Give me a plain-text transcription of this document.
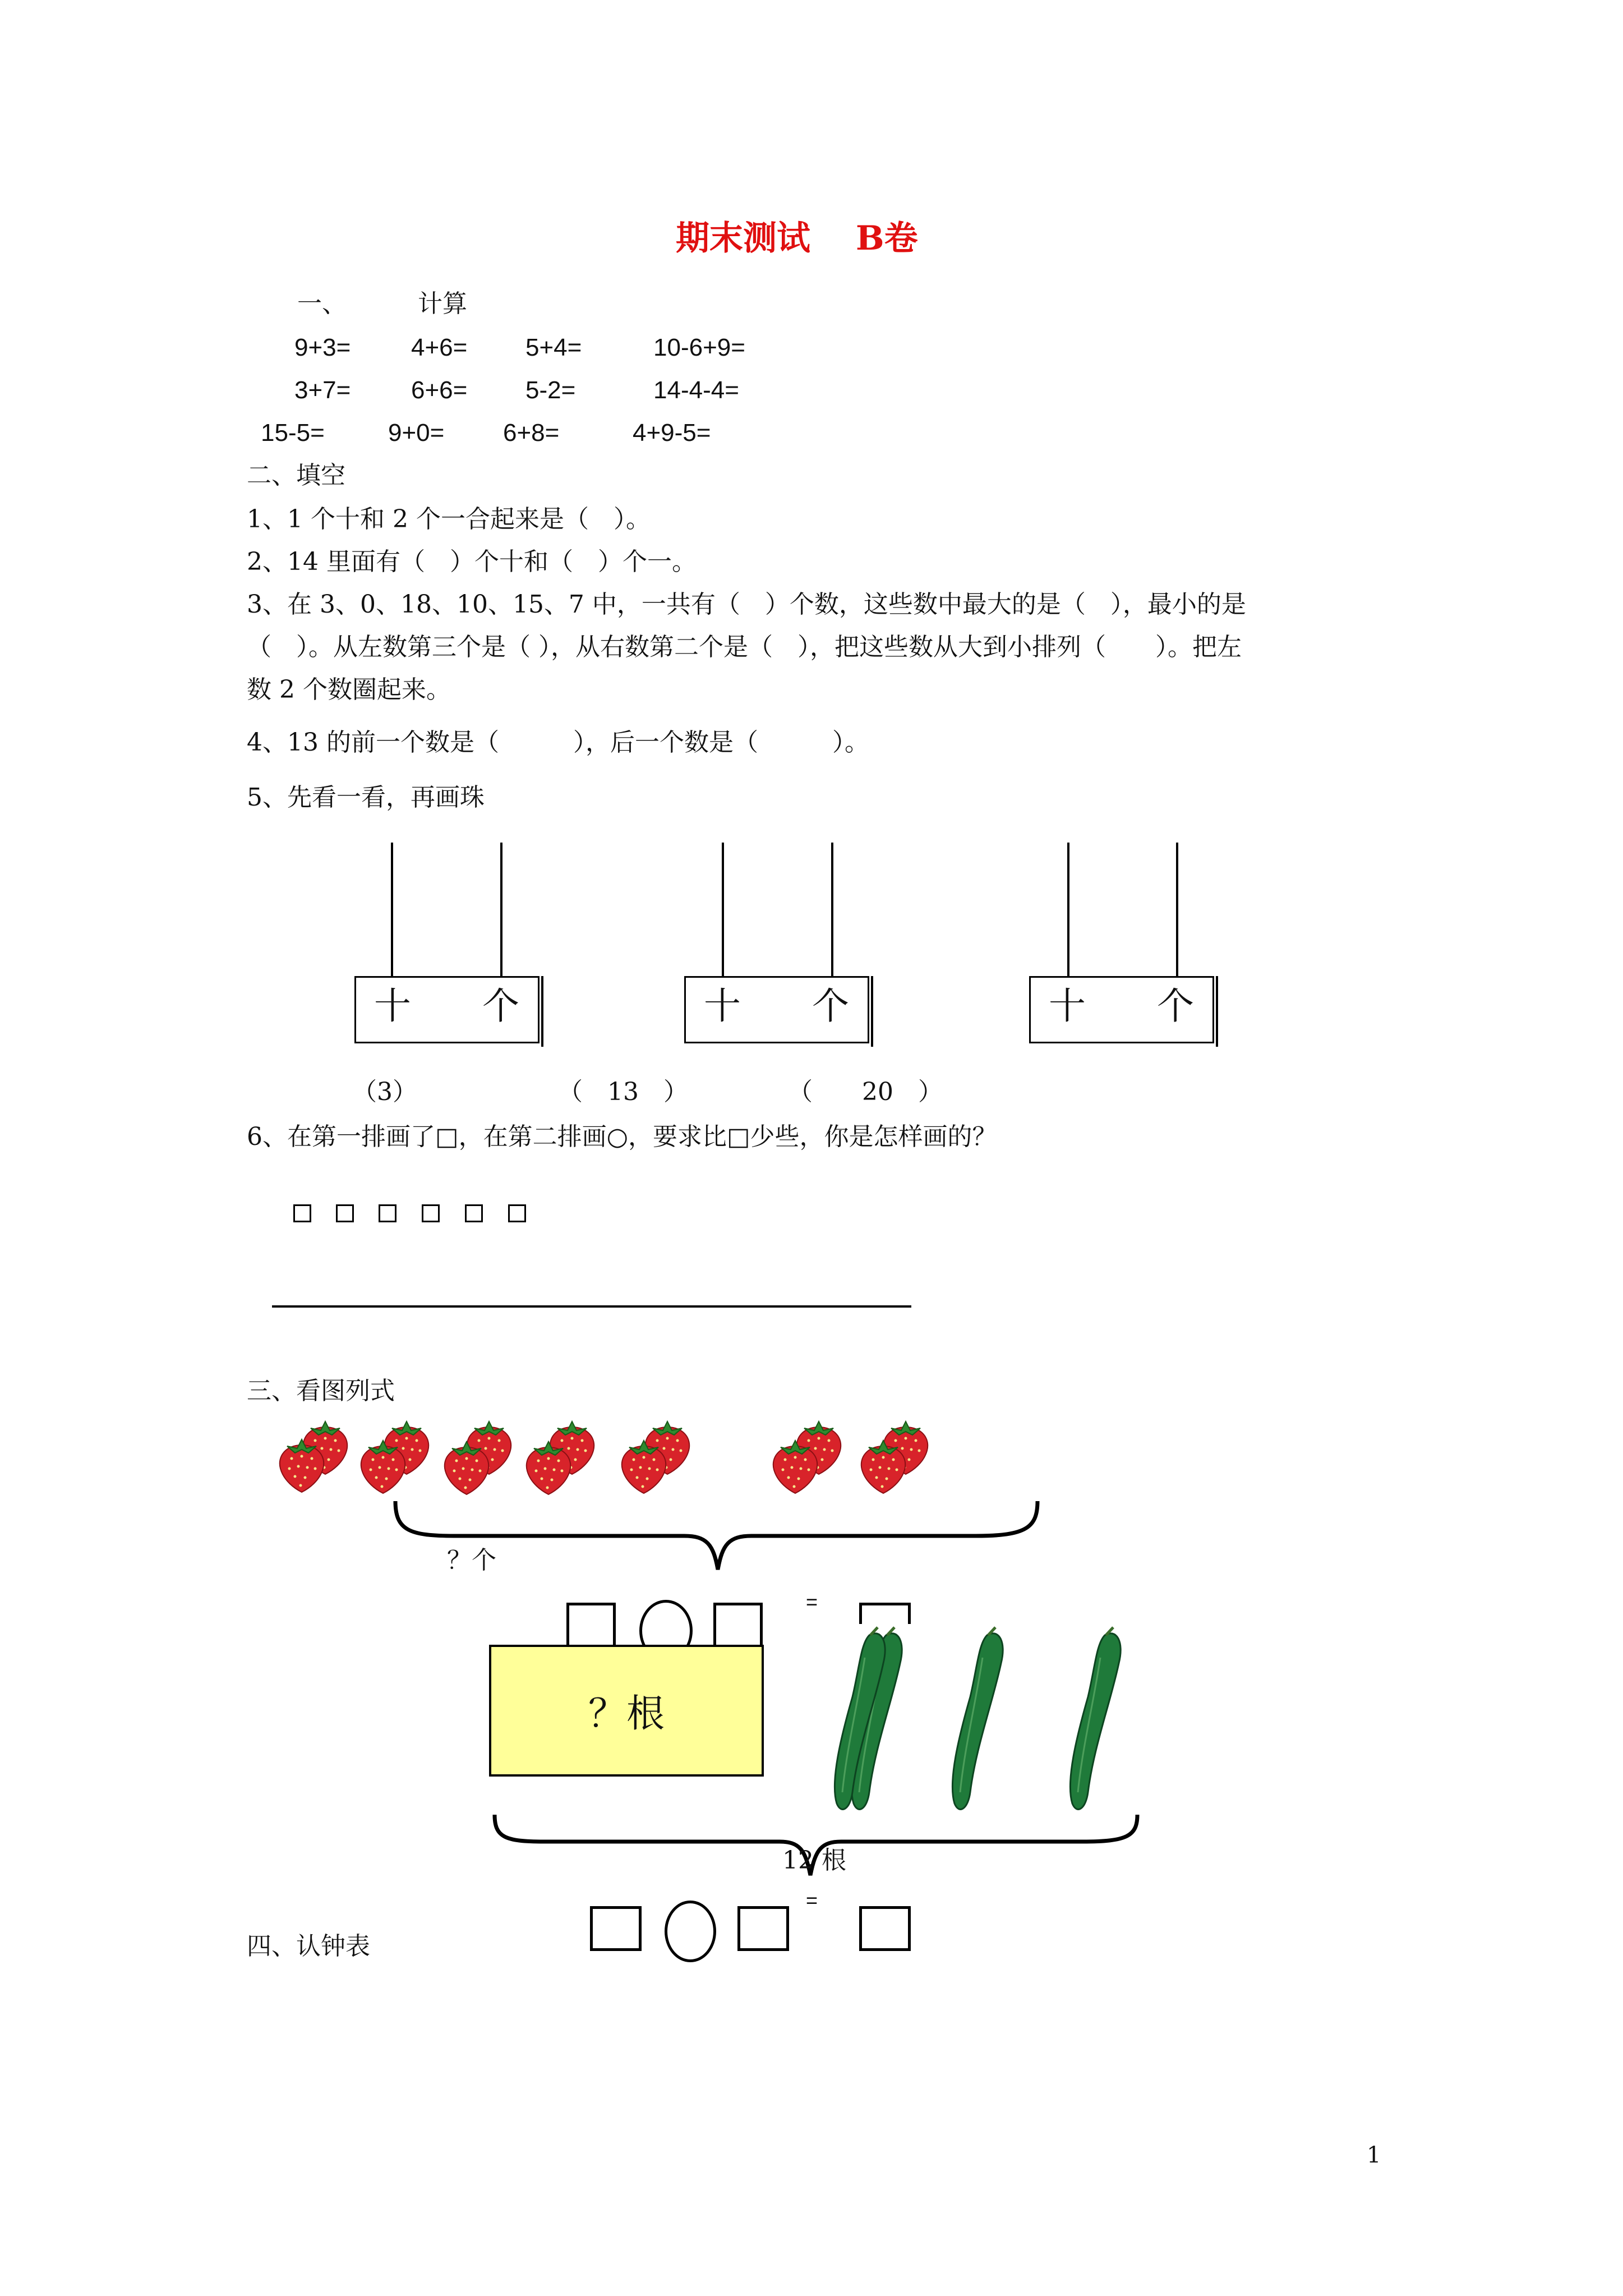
期末测试　 B卷
一、	计算
9+3= 4+6= 5+4=	10-6+9=
3+7= 6+6= 5-2=	14-4-4=
15-5=	9+0= 6+8=	4+9-5=
二、填空
1、1 个十和 2 个一合起来是（　）。
2、14 里面有（　）个十和（　）个一。
3、在 3、0、18、10、15、7 中，一共有（　）个数，这些数中最大的是（　），最小的是
（　）。从左数第三个是（ ），从右数第二个是（　），把这些数从大到小排列（　　）。把左
数 2 个数圈起来。
4、13 的前一个数是（　　　），后一个数是（　　　）。
5、先看一看，再画珠
十 个
（3）
十 个
（　13　）
十 个
（　　20　）
6、在第一排画了□，在第二排画○，要求比□少些，你是怎样画的？
三、看图列式
？个
=
？根
12 根
=
四、认钟表
1
